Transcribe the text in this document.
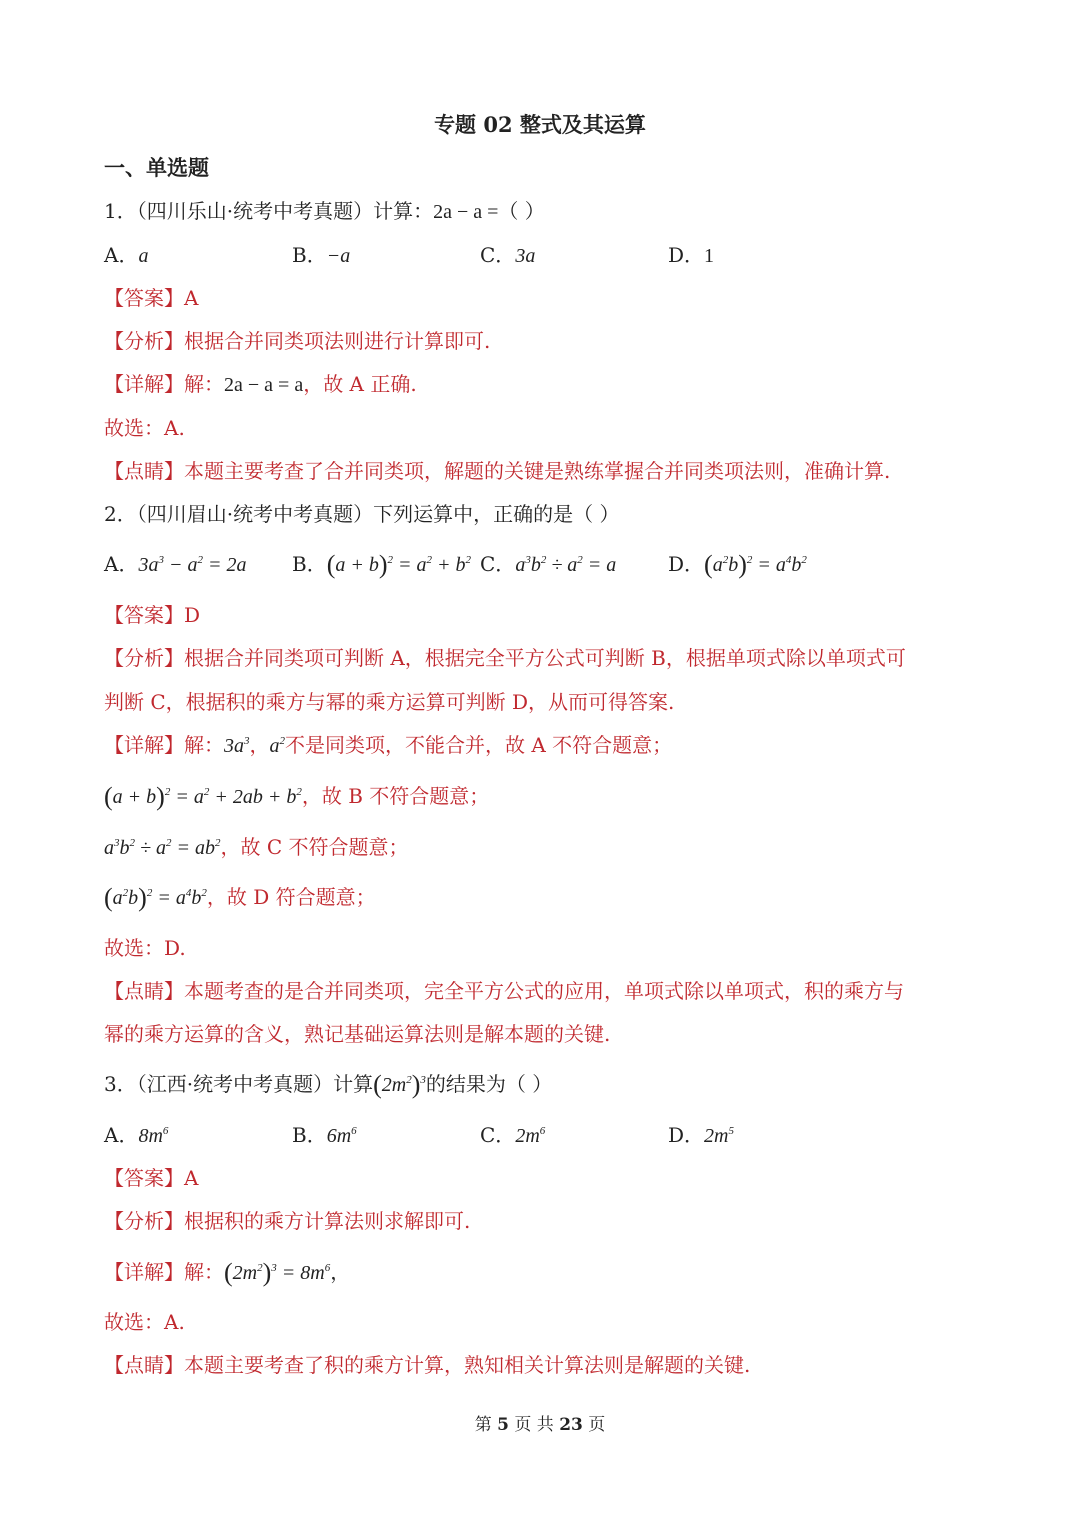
专题 02 整式及其运算
一、单选题
1．（四川乐山·统考中考真题）计算：2a − a =（ ）
A．a	B．−a	C．3a	D．1
【答案】A
【分析】根据合并同类项法则进行计算即可.
【详解】解：2a − a = a，故 A 正确.
故选：A.
【点睛】本题主要考查了合并同类项，解题的关键是熟练掌握合并同类项法则，准确计算.
2．（四川眉山·统考中考真题）下列运算中，正确的是（ ）
A．$3a^3 - a^2 = 2a$ B．$(a + b)^2 = a^2 + b^2$ C．$a^3b^2 \div a^2 = a$	D．$(a^2b)^2 = a^4b^2$
【答案】D
【分析】根据合并同类项可判断 A，根据完全平方公式可判断 B，根据单项式除以单项式可
判断 C，根据积的乘方与幂的乘方运算可判断 D，从而可得答案.
【详解】解：$3a^3$，$a^2$不是同类项，不能合并，故 A 不符合题意；
$(a + b)^2 = a^2 + 2ab + b^2$，故 B 不符合题意；
$a^3b^2 \div a^2 = ab^2$，故 C 不符合题意；
$(a^2b)^2 = a^4b^2$，故 D 符合题意；
故选：D.
【点睛】本题考查的是合并同类项，完全平方公式的应用，单项式除以单项式，积的乘方与
幂的乘方运算的含义，熟记基础运算法则是解本题的关键.
3．（江西·统考中考真题）计算$(2m^2)^3$的结果为（ ）
A．$8m^6$	B．$6m^6$	C．$2m^6$	D．$2m^5$
【答案】A
【分析】根据积的乘方计算法则求解即可.
【详解】解：$(2m^2)^3 = 8m^6$，
故选：A.
【点睛】本题主要考查了积的乘方计算，熟知相关计算法则是解题的关键.
第 5 页 共 23 页
